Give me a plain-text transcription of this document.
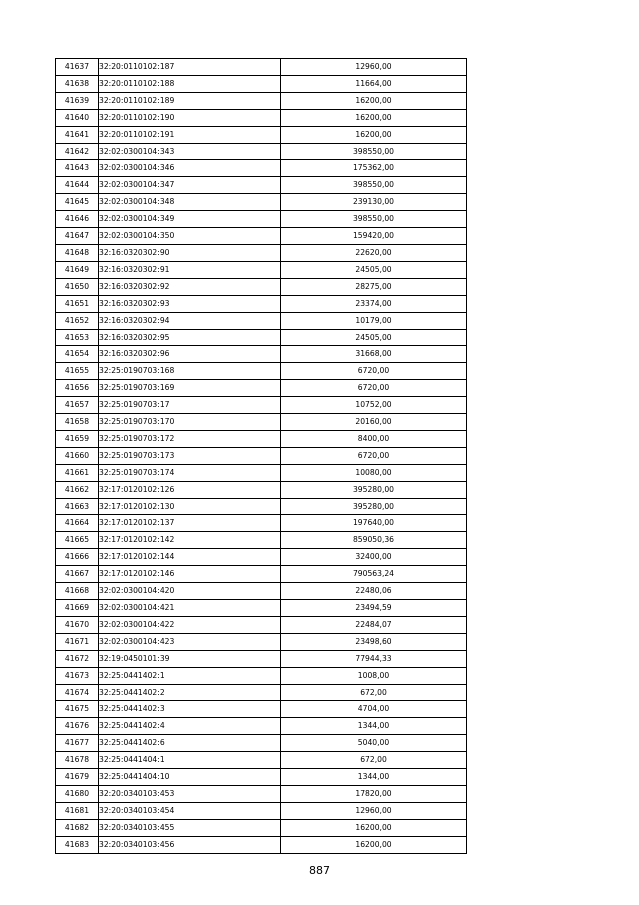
41637	32:20:0110102:187	12960,00
41638	32:20:0110102:188	11664,00
41639	32:20:0110102:189	16200,00
41640	32:20:0110102:190	16200,00
41641	32:20:0110102:191	16200,00
41642	32:02:0300104:343	398550,00
41643	32:02:0300104:346	175362,00
41644	32:02:0300104:347	398550,00
41645	32:02:0300104:348	239130,00
41646	32:02:0300104:349	398550,00
41647	32:02:0300104:350	159420,00
41648	32:16:0320302:90	22620,00
41649	32:16:0320302:91	24505,00
41650	32:16:0320302:92	28275,00
41651	32:16:0320302:93	23374,00
41652	32:16:0320302:94	10179,00
41653	32:16:0320302:95	24505,00
41654	32:16:0320302:96	31668,00
41655	32:25:0190703:168	6720,00
41656	32:25:0190703:169	6720,00
41657	32:25:0190703:17	10752,00
41658	32:25:0190703:170	20160,00
41659	32:25:0190703:172	8400,00
41660	32:25:0190703:173	6720,00
41661	32:25:0190703:174	10080,00
41662	32:17:0120102:126	395280,00
41663	32:17:0120102:130	395280,00
41664	32:17:0120102:137	197640,00
41665	32:17:0120102:142	859050,36
41666	32:17:0120102:144	32400,00
41667	32:17:0120102:146	790563,24
41668	32:02:0300104:420	22480,06
41669	32:02:0300104:421	23494,59
41670	32:02:0300104:422	22484,07
41671	32:02:0300104:423	23498,60
41672	32:19:0450101:39	77944,33
41673	32:25:0441402:1	1008,00
41674	32:25:0441402:2	672,00
41675	32:25:0441402:3	4704,00
41676	32:25:0441402:4	1344,00
41677	32:25:0441402:6	5040,00
41678	32:25:0441404:1	672,00
41679	32:25:0441404:10	1344,00
41680	32:20:0340103:453	17820,00
41681	32:20:0340103:454	12960,00
41682	32:20:0340103:455	16200,00
41683	32:20:0340103:456	16200,00
887
